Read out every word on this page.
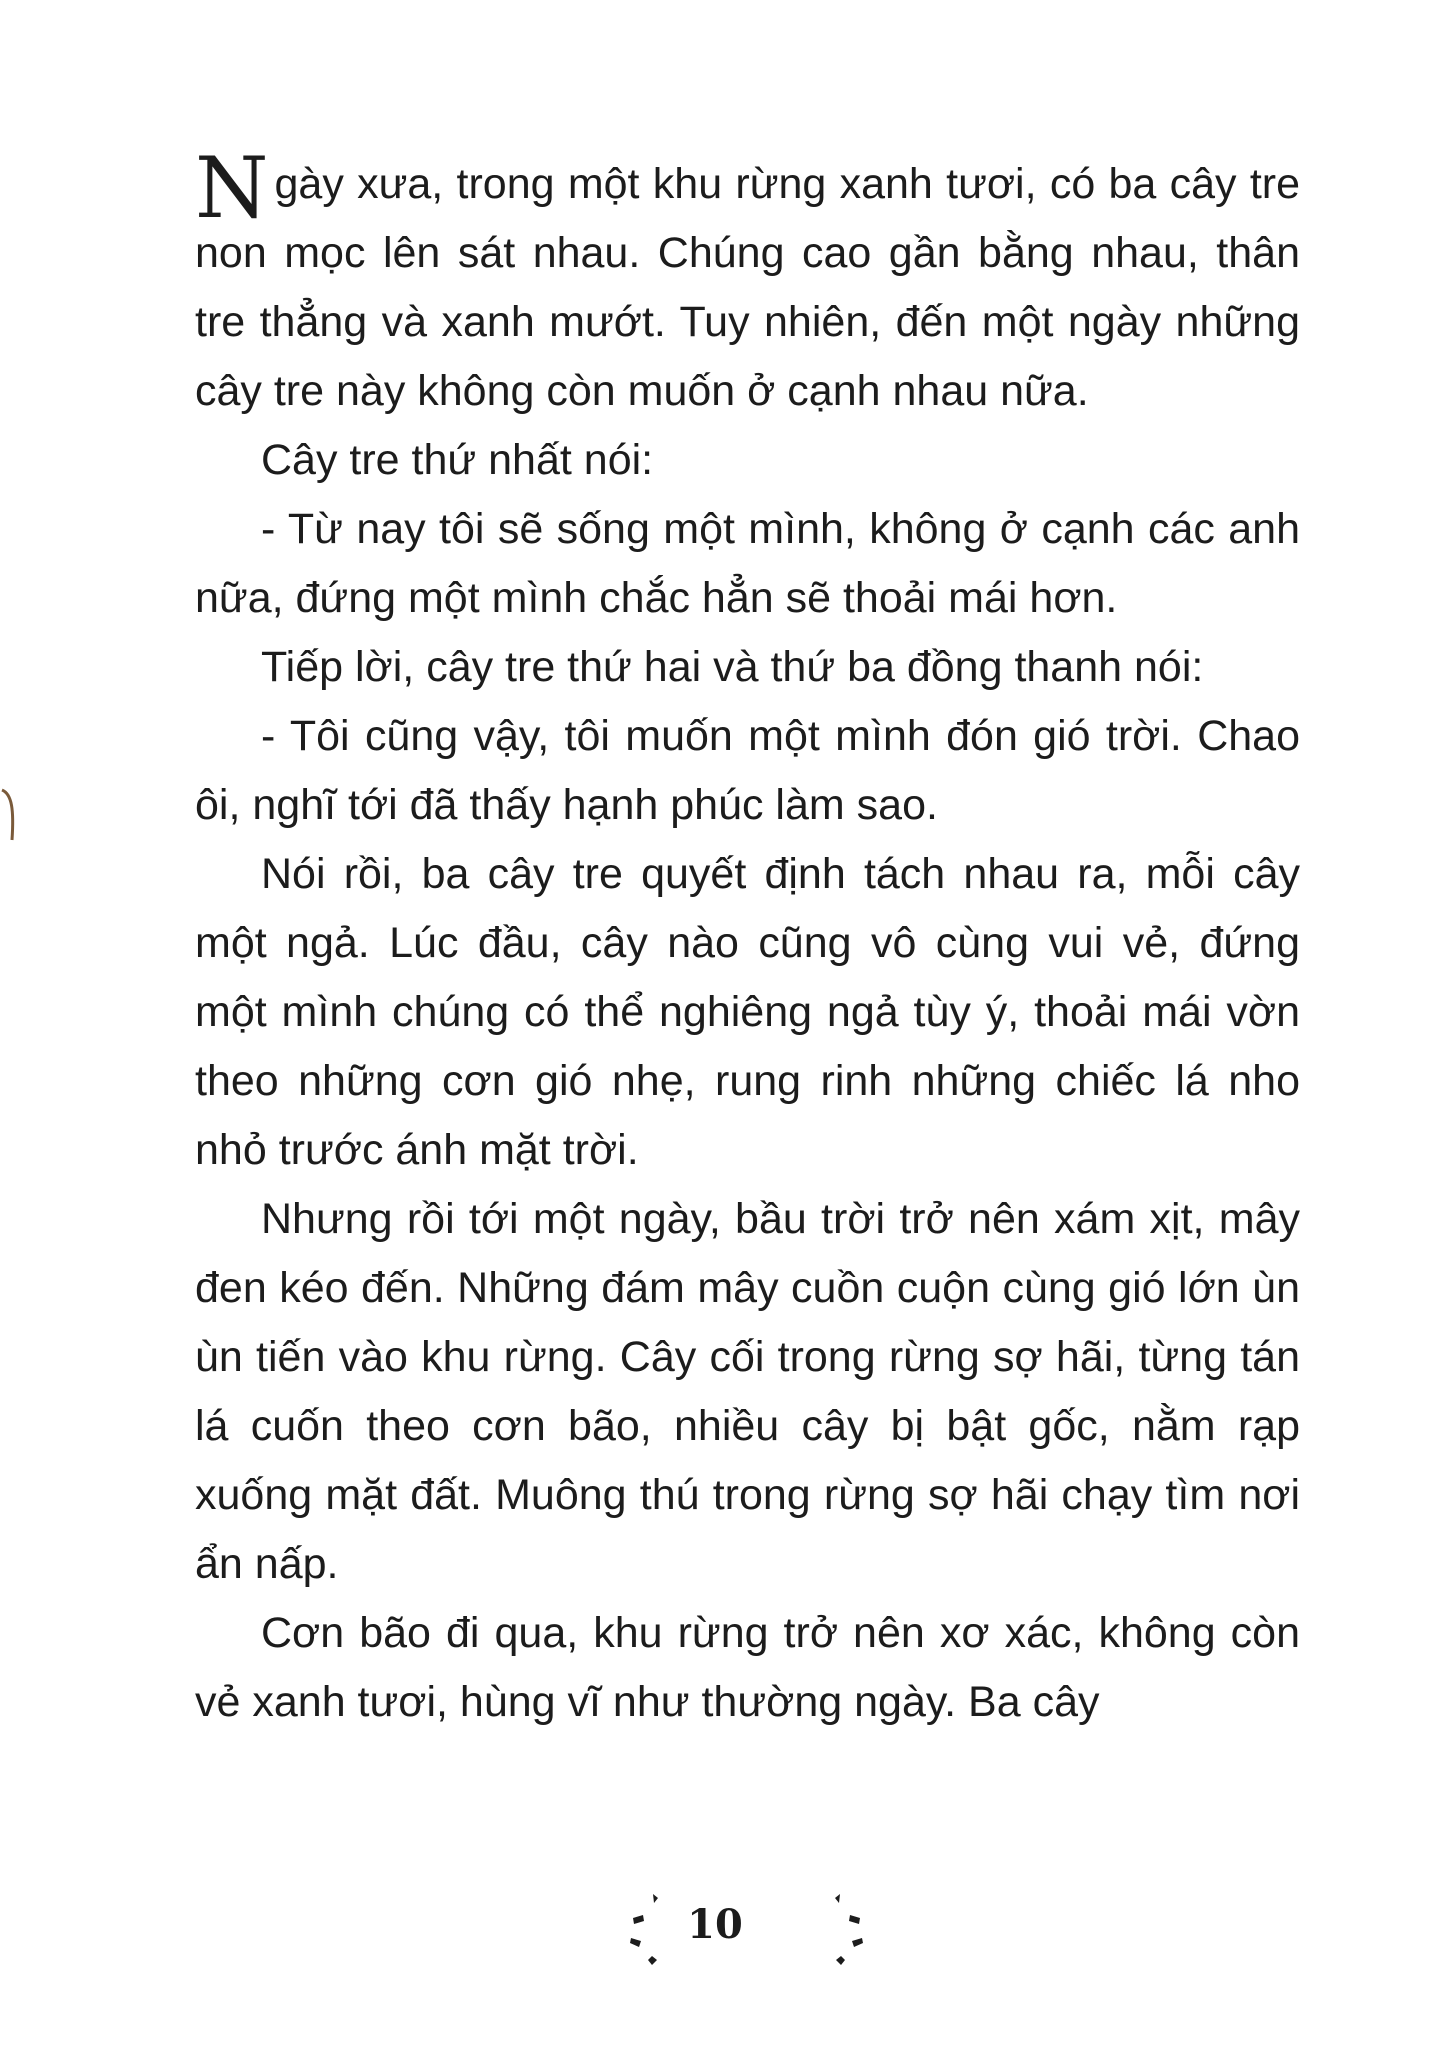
Ngày xưa, trong một khu rừng xanh tươi, có ba cây tre non mọc lên sát nhau. Chúng cao gần bằng nhau, thân tre thẳng và xanh mướt. Tuy nhiên, đến một ngày những cây tre này không còn muốn ở cạnh nhau nữa.

Cây tre thứ nhất nói:

- Từ nay tôi sẽ sống một mình, không ở cạnh các anh nữa, đứng một mình chắc hẳn sẽ thoải mái hơn.

Tiếp lời, cây tre thứ hai và thứ ba đồng thanh nói:

- Tôi cũng vậy, tôi muốn một mình đón gió trời. Chao ôi, nghĩ tới đã thấy hạnh phúc làm sao.

Nói rồi, ba cây tre quyết định tách nhau ra, mỗi cây một ngả. Lúc đầu, cây nào cũng vô cùng vui vẻ, đứng một mình chúng có thể nghiêng ngả tùy ý, thoải mái vờn theo những cơn gió nhẹ, rung rinh những chiếc lá nho nhỏ trước ánh mặt trời.

Nhưng rồi tới một ngày, bầu trời trở nên xám xịt, mây đen kéo đến. Những đám mây cuồn cuộn cùng gió lớn ùn ùn tiến vào khu rừng. Cây cối trong rừng sợ hãi, từng tán lá cuốn theo cơn bão, nhiều cây bị bật gốc, nằm rạp xuống mặt đất. Muông thú trong rừng sợ hãi chạy tìm nơi ẩn nấp.

Cơn bão đi qua, khu rừng trở nên xơ xác, không còn vẻ xanh tươi, hùng vĩ như thường ngày. Ba cây

10
